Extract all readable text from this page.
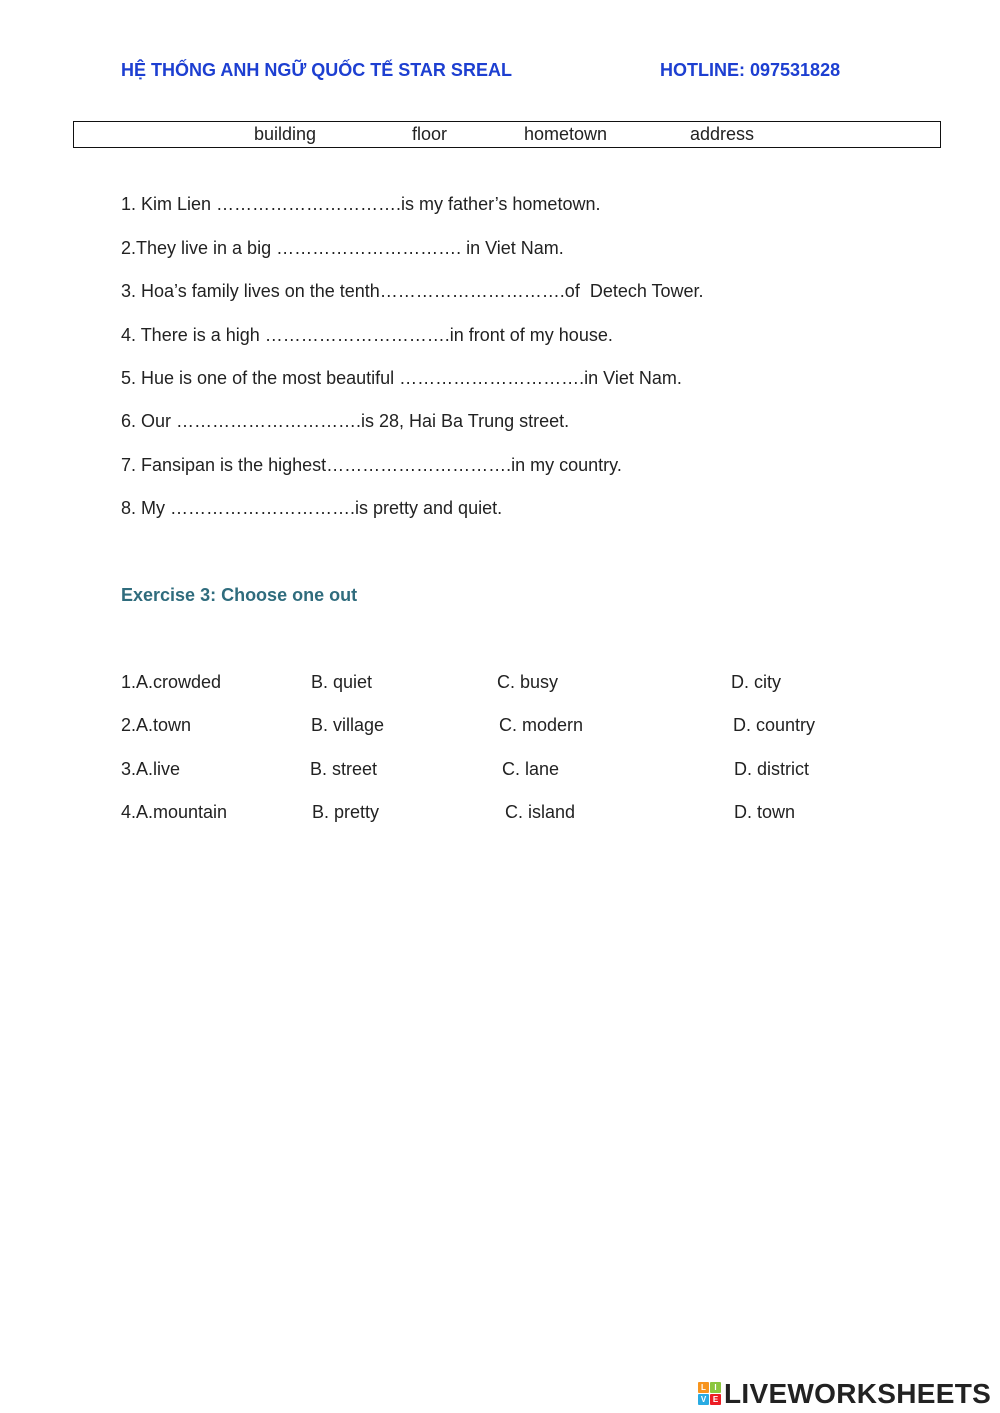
HỆ THỐNG ANH NGỮ QUỐC TẾ STAR SREAL	HOTLINE: 097531828
building	floor	hometown	address
1. Kim Lien ………………………….is my father’s hometown.
2.They live in a big …………………………. in Viet Nam.
3. Hoa’s family lives on the tenth………………………….of  Detech Tower.
4. There is a high ………………………….in front of my house.
5. Hue is one of the most beautiful ………………………….in Viet Nam.
6. Our ………………………….is 28, Hai Ba Trung street.
7. Fansipan is the highest………………………….in my country.
8. My ………………………….is pretty and quiet.
Exercise 3: Choose one out
1.A.crowded	B. quiet	C. busy	D. city
2.A.town	B. village	C. modern	D. country
3.A.live	B. street	C. lane	D. district
4.A.mountain	B. pretty	C. island	D. town
L	I
V E LIVEWORKSHEETS
